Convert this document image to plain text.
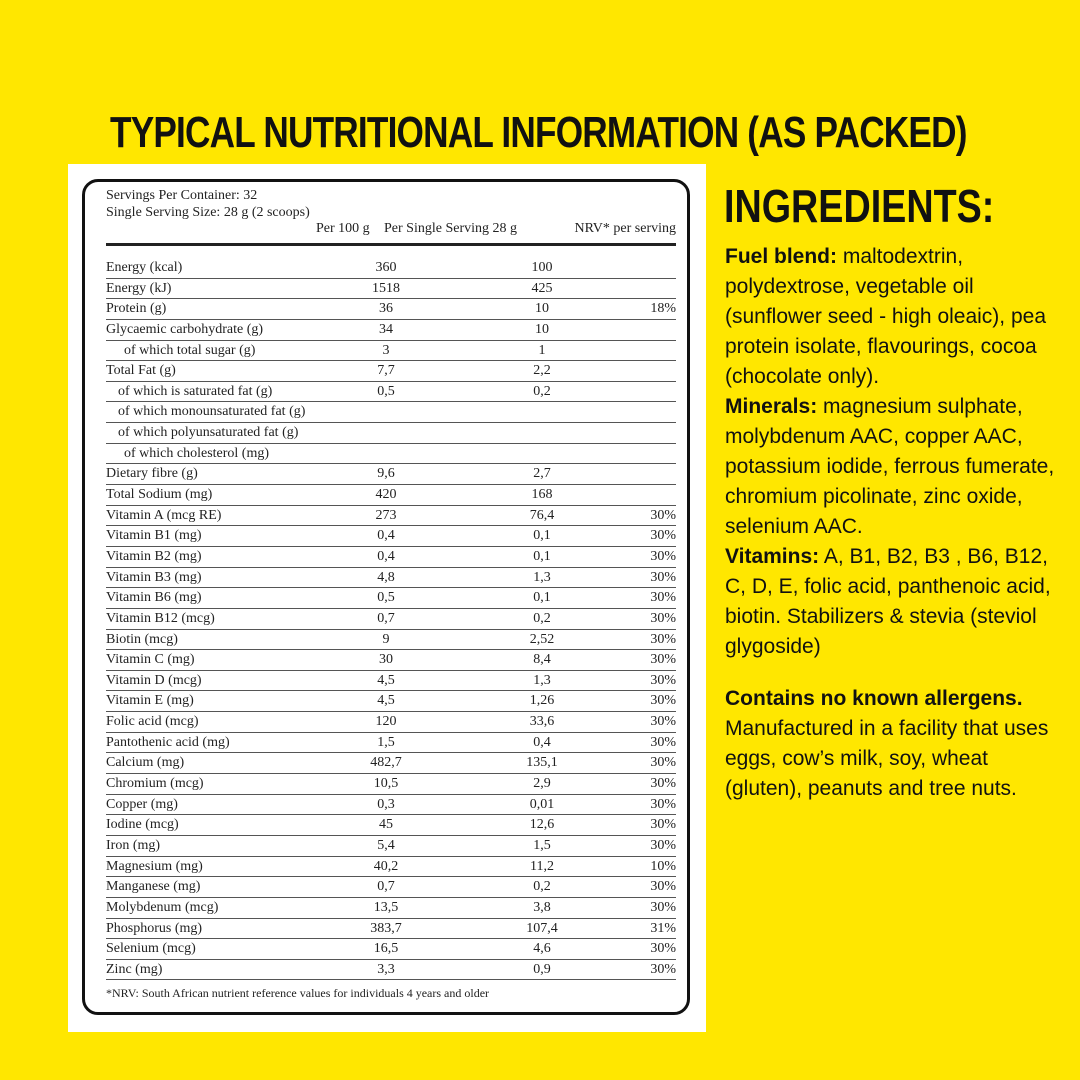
TYPICAL NUTRITIONAL INFORMATION (AS PACKED)
Servings Per Container: 32
Single Serving Size: 28 g (2 scoops)
Per 100 g Per Single Serving 28 g	NRV* per serving
Energy (kcal)	360	100
Energy (kJ)	1518	425
Protein (g)	36	10	18%
Glycaemic carbohydrate (g)	34	10
of which total sugar (g)	3	1
Total Fat (g)	7,7	2,2
of which is saturated fat (g)	0,5	0,2
of which monounsaturated fat (g)
of which polyunsaturated fat (g)
of which cholesterol (mg)
Dietary fibre (g)	9,6	2,7
Total Sodium (mg)	420	168
Vitamin A (mcg RE)	273	76,4	30%
Vitamin B1 (mg)	0,4	0,1	30%
Vitamin B2 (mg)	0,4	0,1	30%
Vitamin B3 (mg)	4,8	1,3	30%
Vitamin B6 (mg)	0,5	0,1	30%
Vitamin B12 (mcg)	0,7	0,2	30%
Biotin (mcg)	9	2,52	30%
Vitamin C (mg)	30	8,4	30%
Vitamin D (mcg)	4,5	1,3	30%
Vitamin E (mg)	4,5	1,26	30%
Folic acid (mcg)	120	33,6	30%
Pantothenic acid (mg)	1,5	0,4	30%
Calcium (mg)	482,7	135,1	30%
Chromium (mcg)	10,5	2,9	30%
Copper (mg)	0,3	0,01	30%
Iodine (mcg)	45	12,6	30%
Iron (mg)	5,4	1,5	30%
Magnesium (mg)	40,2	11,2	10%
Manganese (mg)	0,7	0,2	30%
Molybdenum (mcg)	13,5	3,8	30%
Phosphorus (mg)	383,7	107,4	31%
Selenium (mcg)	16,5	4,6	30%
Zinc (mg)	3,3	0,9	30%
*NRV: South African nutrient reference values for individuals 4 years and older
INGREDIENTS:

Fuel blend: maltodextrin, polydextrose, vegetable oil (sunflower seed - high oleaic), pea protein isolate, flavourings, cocoa (chocolate only).

Minerals: magnesium sulphate, molybdenum AAC, copper AAC, potassium iodide, ferrous fumerate, chromium picolinate, zinc oxide, selenium AAC.

Vitamins: A, B1, B2, B3 , B6, B12, C, D, E, folic acid, panthenoic acid, biotin. Stabilizers & stevia (steviol glygoside)

Contains no known allergens.

Manufactured in a facility that uses eggs, cow’s milk, soy, wheat (gluten), peanuts and tree nuts.
